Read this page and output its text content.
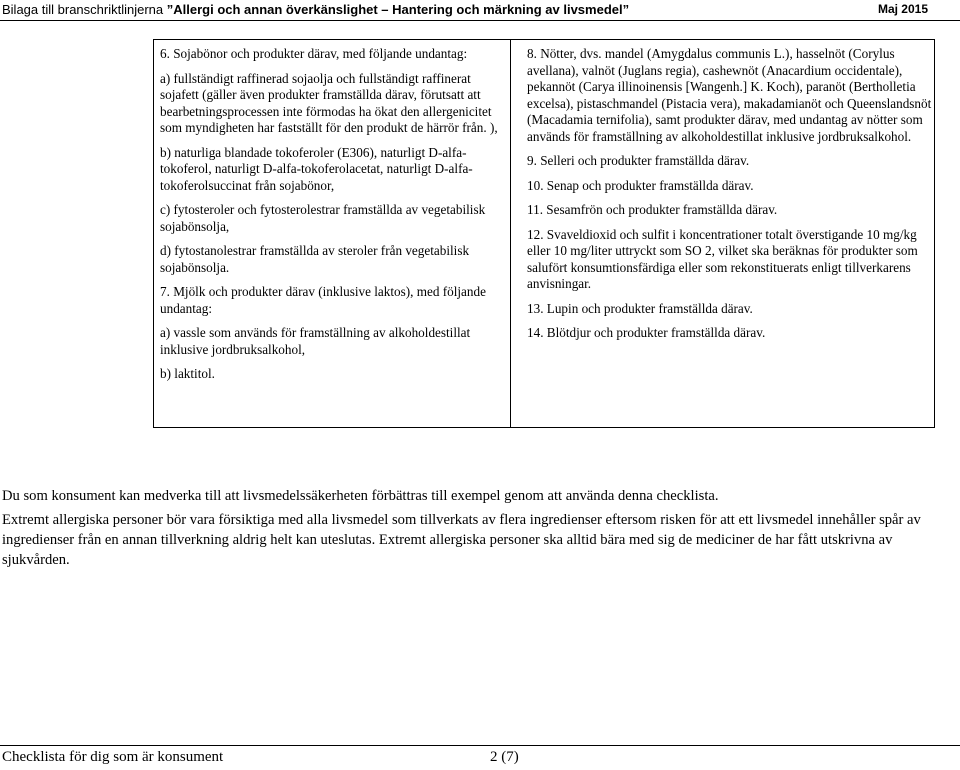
Bilaga till branschriktlinjerna ”Allergi och annan överkänslighet – Hantering och märkning av livsmedel”	Maj 2015

6. Sojabönor och produkter därav, med följande undantag:

a) fullständigt raffinerad sojaolja och fullständigt raffinerat sojafett (gäller även produkter framställda därav, förutsatt att bearbetningsprocessen inte förmodas ha ökat den allergenicitet som myndigheten har fastställt för den produkt de härrör från. ),

b) naturliga blandade tokoferoler (E306), naturligt D-alfa-tokoferol, naturligt D-alfa-tokoferolacetat, naturligt D-alfa-tokoferolsuccinat från sojabönor,

c) fytosteroler och fytosterolestrar framställda av vegetabilisk sojabönsolja,

d) fytostanolestrar framställda av steroler från vegetabilisk sojabönsolja.

7. Mjölk och produkter därav (inklusive laktos), med följande undantag:

a) vassle som används för framställning av alkoholdestillat inklusive jordbruksalkohol,

b) laktitol.

8. Nötter, dvs. mandel (Amygdalus communis L.), hasselnöt (Corylus avellana), valnöt (Juglans regia), cashewnöt (Anacardium occidentale), pekannöt (Carya illinoinensis [Wangenh.] K. Koch), paranöt (Bertholletia excelsa), pistaschmandel (Pistacia vera), makadamianöt och Queenslandsnöt (Macadamia ternifolia), samt produkter därav, med undantag av nötter som används för framställning av alkoholdestillat inklusive jordbruksalkohol.

9. Selleri och produkter framställda därav.

10. Senap och produkter framställda därav.

11. Sesamfrön och produkter framställda därav.

12. Svaveldioxid och sulfit i koncentrationer totalt överstigande 10 mg/kg eller 10 mg/liter uttryckt som SO 2, vilket ska beräknas för produkter som salufört konsumtionsfärdiga eller som rekonstituerats enligt tillverkarens anvisningar.

13. Lupin och produkter framställda därav.

14. Blötdjur och produkter framställda därav.

Du som konsument kan medverka till att livsmedelssäkerheten förbättras till exempel genom att använda denna checklista.

Extremt allergiska personer bör vara försiktiga med alla livsmedel som tillverkats av flera ingredienser eftersom risken för att ett livsmedel innehåller spår av ingredienser från en annan tillverkning aldrig helt kan uteslutas. Extremt allergiska personer ska alltid bära med sig de mediciner de har fått utskrivna av sjukvården.

Checklista för dig som är konsument	2 (7)
